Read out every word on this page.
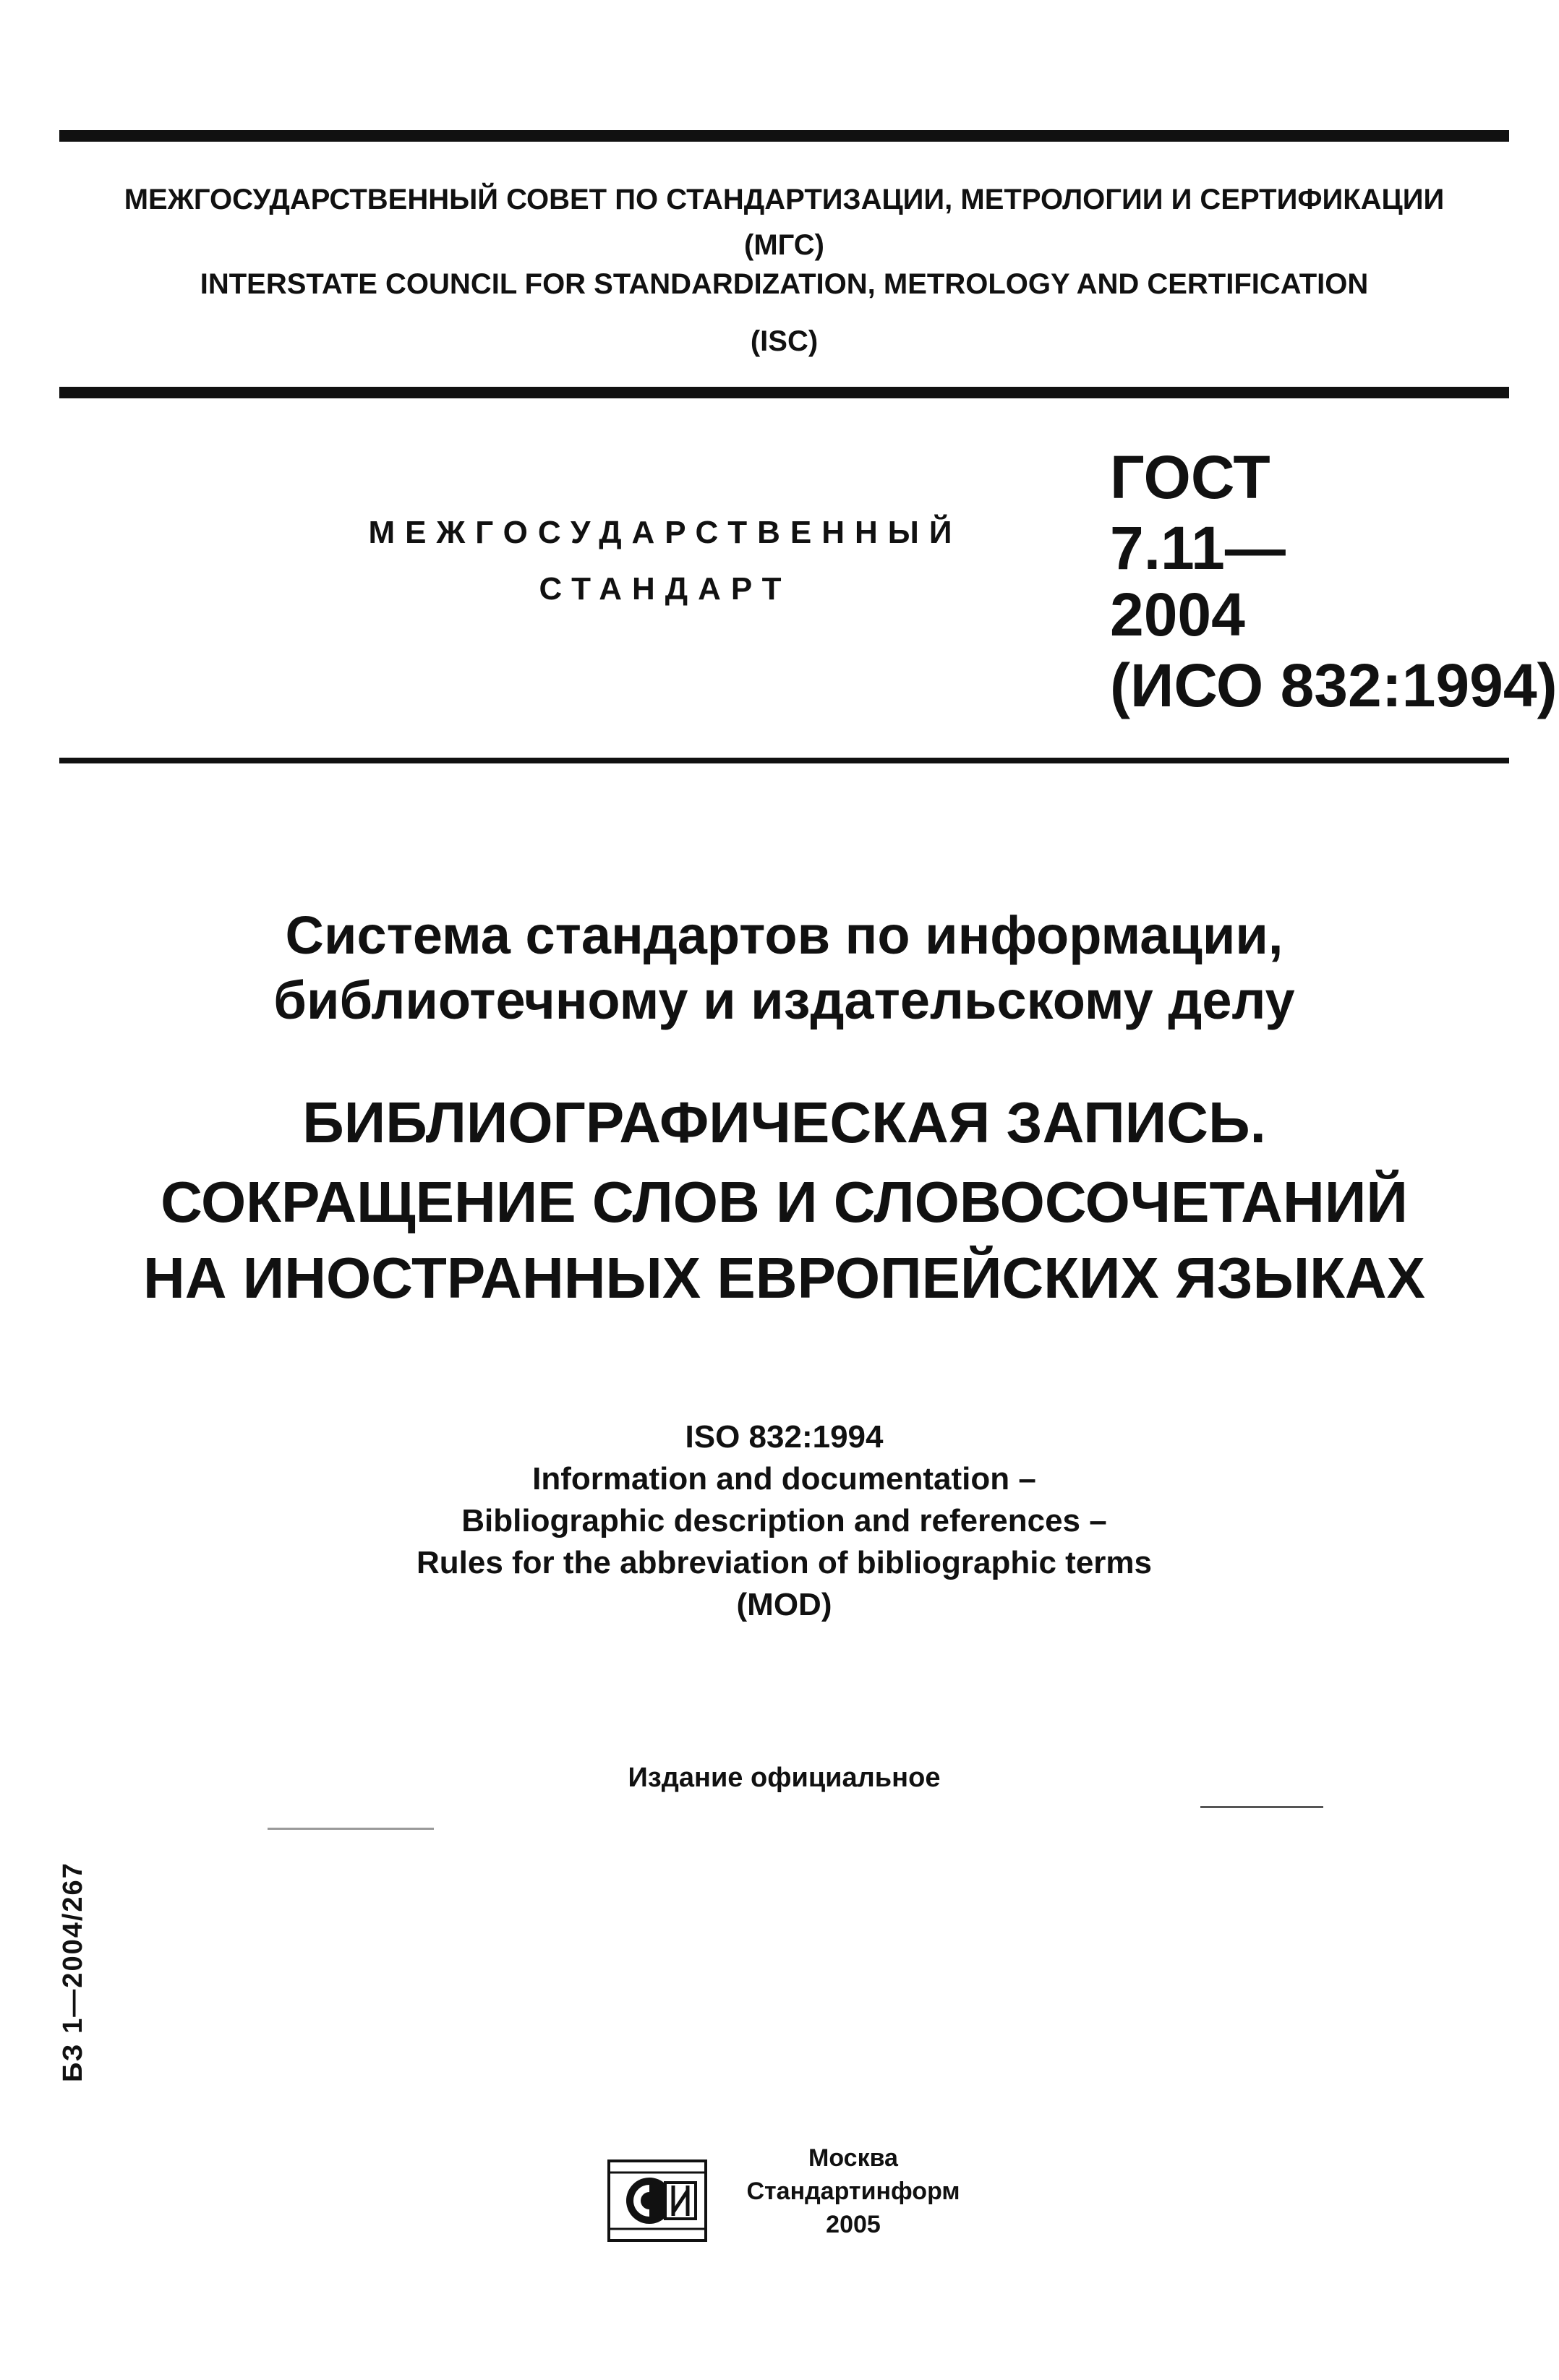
МЕЖГОСУДАРСТВЕННЫЙ СОВЕТ ПО СТАНДАРТИЗАЦИИ, МЕТРОЛОГИИ И СЕРТИФИКАЦИИ
(МГС)
INTERSTATE COUNCIL FOR STANDARDIZATION, METROLOGY AND CERTIFICATION
(ISC)
МЕЖГОСУДАРСТВЕННЫЙ
СТАНДАРТ
ГОСТ
7.11—
2004
(ИСО 832:1994)
Система стандартов по информации,
библиотечному и издательскому делу
БИБЛИОГРАФИЧЕСКАЯ ЗАПИСЬ.
СОКРАЩЕНИЕ СЛОВ И СЛОВОСОЧЕТАНИЙ
НА ИНОСТРАННЫХ ЕВРОПЕЙСКИХ ЯЗЫКАХ
ISO 832:1994
Information and documentation –
Bibliographic description and references –
Rules for the abbreviation of bibliographic terms
(MOD)
Издание официальное
БЗ 1—2004/267
Москва
Стандартинформ
2005
